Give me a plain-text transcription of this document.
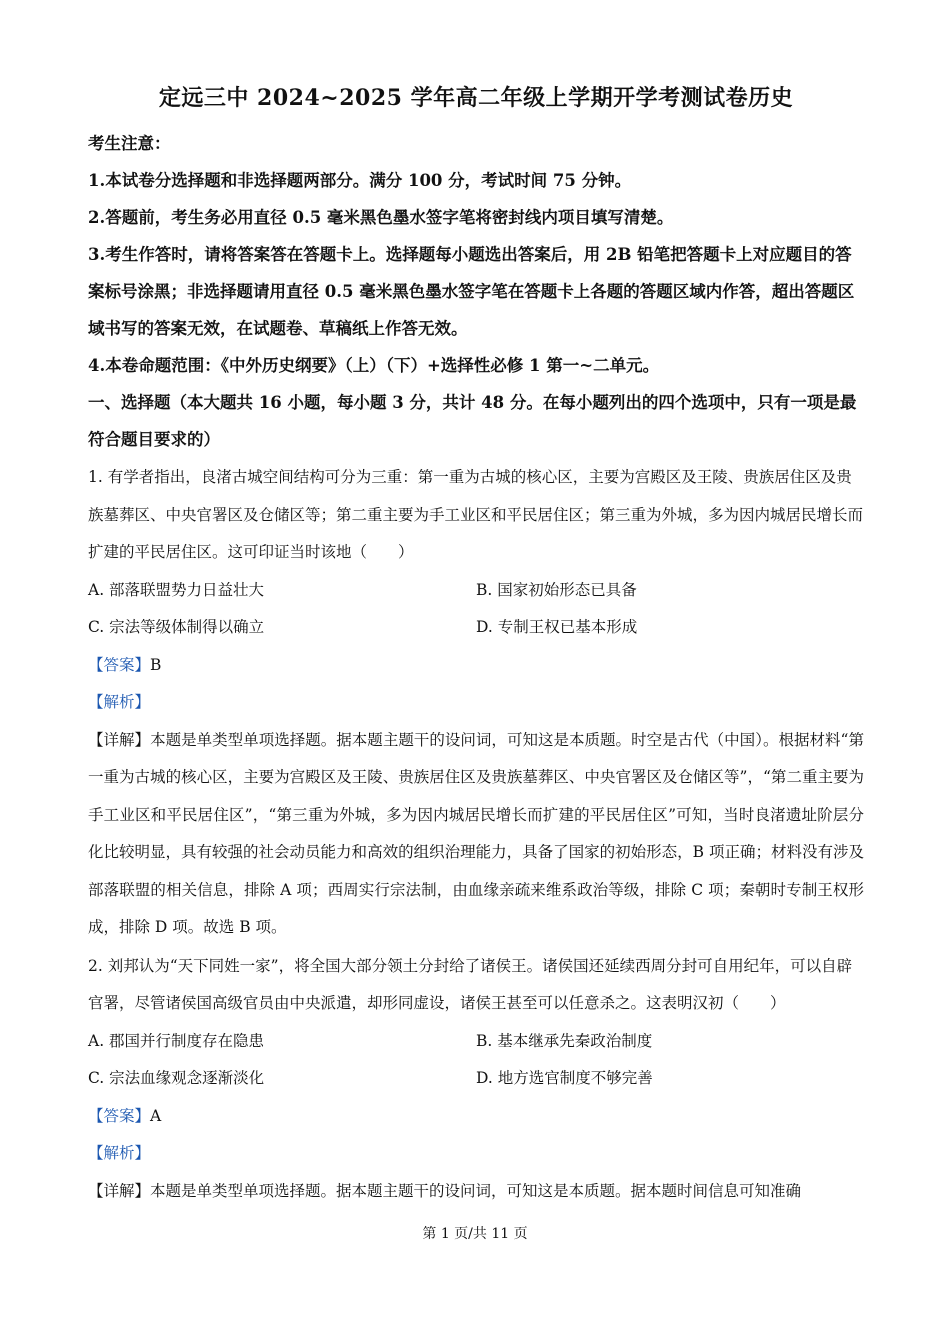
定远三中 2024~2025 学年高二年级上学期开学考测试卷历史
考生注意：
1.本试卷分选择题和非选择题两部分。满分 100 分，考试时间 75 分钟。
2.答题前，考生务必用直径 0.5 毫米黑色墨水签字笔将密封线内项目填写清楚。
3.考生作答时，请将答案答在答题卡上。选择题每小题选出答案后，用 2B 铅笔把答题卡上对应题目的答案标号涂黑；非选择题请用直径 0.5 毫米黑色墨水签字笔在答题卡上各题的答题区域内作答，超出答题区域书写的答案无效，在试题卷、草稿纸上作答无效。
4.本卷命题范围：《中外历史纲要》（上）（下）+选择性必修 1 第一~二单元。
一、选择题（本大题共 16 小题，每小题 3 分，共计 48 分。在每小题列出的四个选项中，只有一项是最符合题目要求的）
1. 有学者指出，良渚古城空间结构可分为三重：第一重为古城的核心区，主要为宫殿区及王陵、贵族居住区及贵族墓葬区、中央官署区及仓储区等；第二重主要为手工业区和平民居住区；第三重为外城，多为因内城居民增长而扩建的平民居住区。这可印证当时该地（　　）
A. 部落联盟势力日益壮大	B. 国家初始形态已具备
C. 宗法等级体制得以确立	D. 专制王权已基本形成
【答案】B
【解析】
【详解】本题是单类型单项选择题。据本题主题干的设问词，可知这是本质题。时空是古代（中国）。根据材料“第一重为古城的核心区，主要为宫殿区及王陵、贵族居住区及贵族墓葬区、中央官署区及仓储区等”，“第二重主要为手工业区和平民居住区”，“第三重为外城，多为因内城居民增长而扩建的平民居住区”可知，当时良渚遗址阶层分化比较明显，具有较强的社会动员能力和高效的组织治理能力，具备了国家的初始形态，B 项正确；材料没有涉及部落联盟的相关信息，排除 A 项；西周实行宗法制，由血缘亲疏来维系政治等级，排除 C 项；秦朝时专制王权形成，排除 D 项。故选 B 项。
2. 刘邦认为“天下同姓一家”，将全国大部分领土分封给了诸侯王。诸侯国还延续西周分封可自用纪年，可以自辟官署，尽管诸侯国高级官员由中央派遣，却形同虚设，诸侯王甚至可以任意杀之。这表明汉初（　　）
A. 郡国并行制度存在隐患	B. 基本继承先秦政治制度
C. 宗法血缘观念逐渐淡化	D. 地方选官制度不够完善
【答案】A
【解析】
【详解】本题是单类型单项选择题。据本题主题干的设问词，可知这是本质题。据本题时间信息可知准确
第 1 页/共 11 页
